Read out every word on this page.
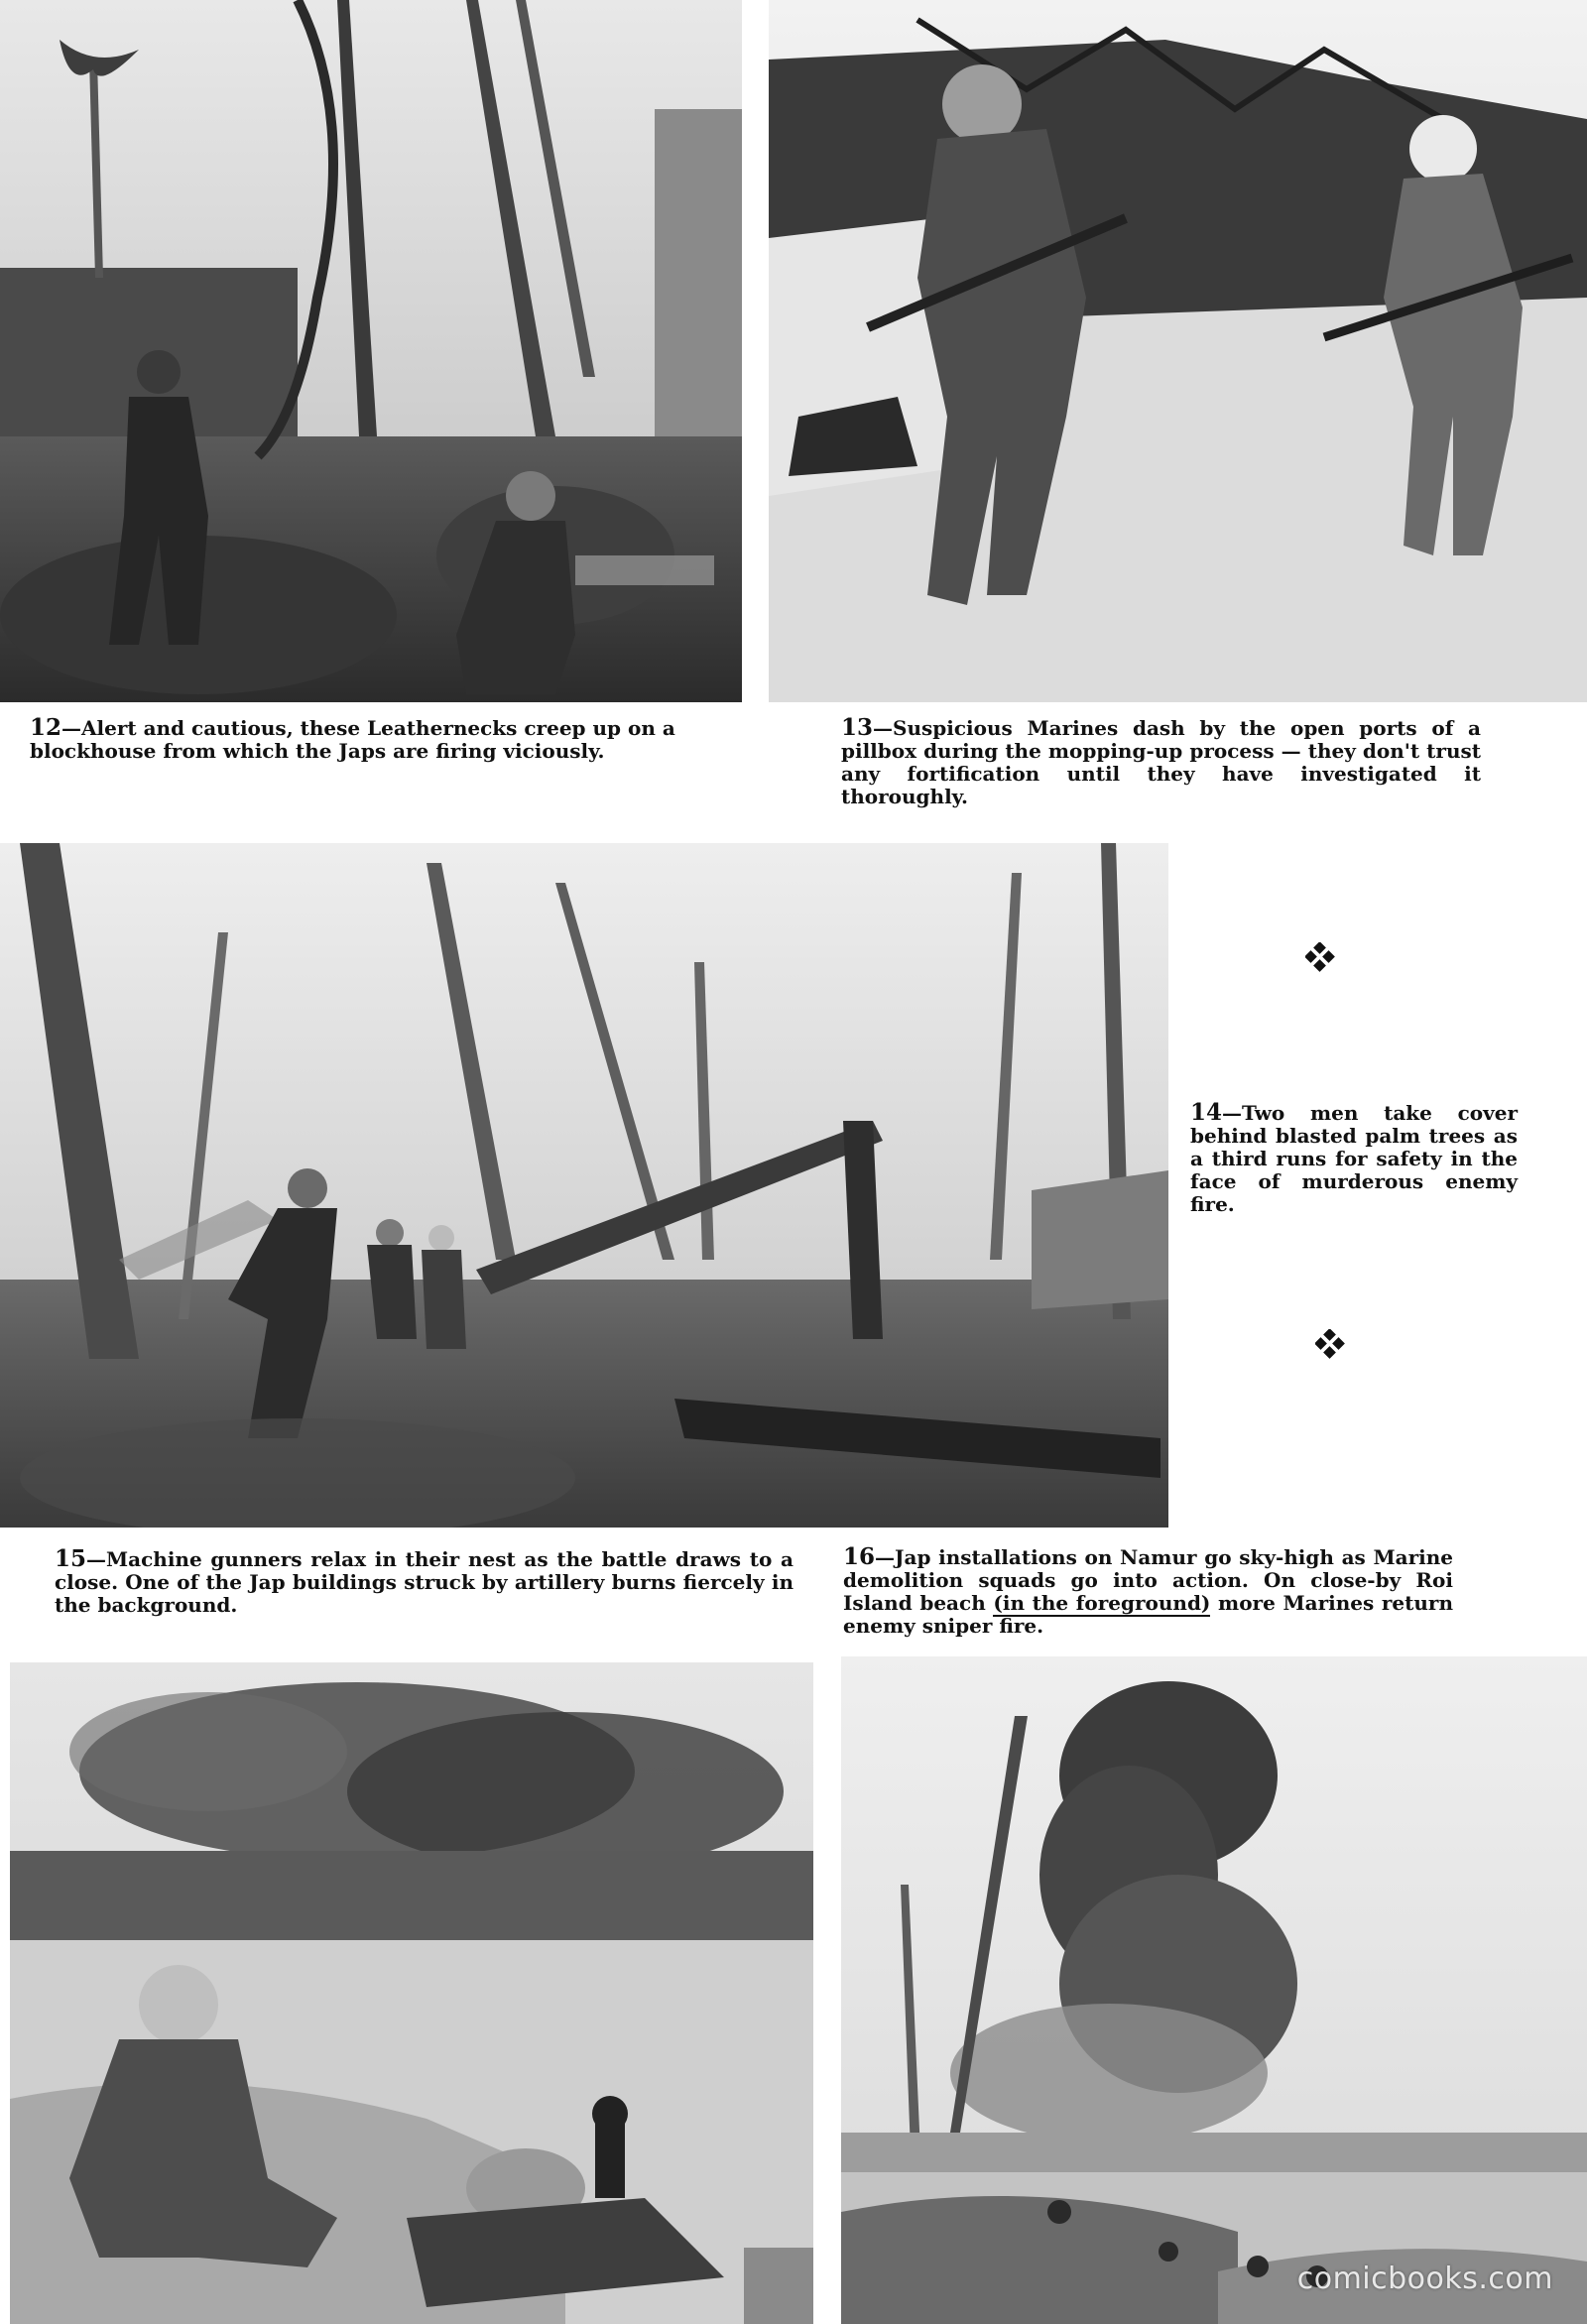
12—Alert and cautious, these Leathernecks creep up on a blockhouse from which the Japs are firing viciously.

13—Suspicious Marines dash by the open ports of a pillbox during the mopping-up process — they don't trust any fortification until they have investigated it thoroughly.

14—Two men take cover behind blasted palm trees as a third runs for safety in the face of murderous enemy fire.

15—Machine gunners relax in their nest as the battle draws to a close. One of the Jap buildings struck by artillery burns fiercely in the background.

16—Jap installations on Namur go sky-high as Marine demolition squads go into action. On close-by Roi Island beach (in the foreground) more Marines return enemy sniper fire.

comicbooks.com
